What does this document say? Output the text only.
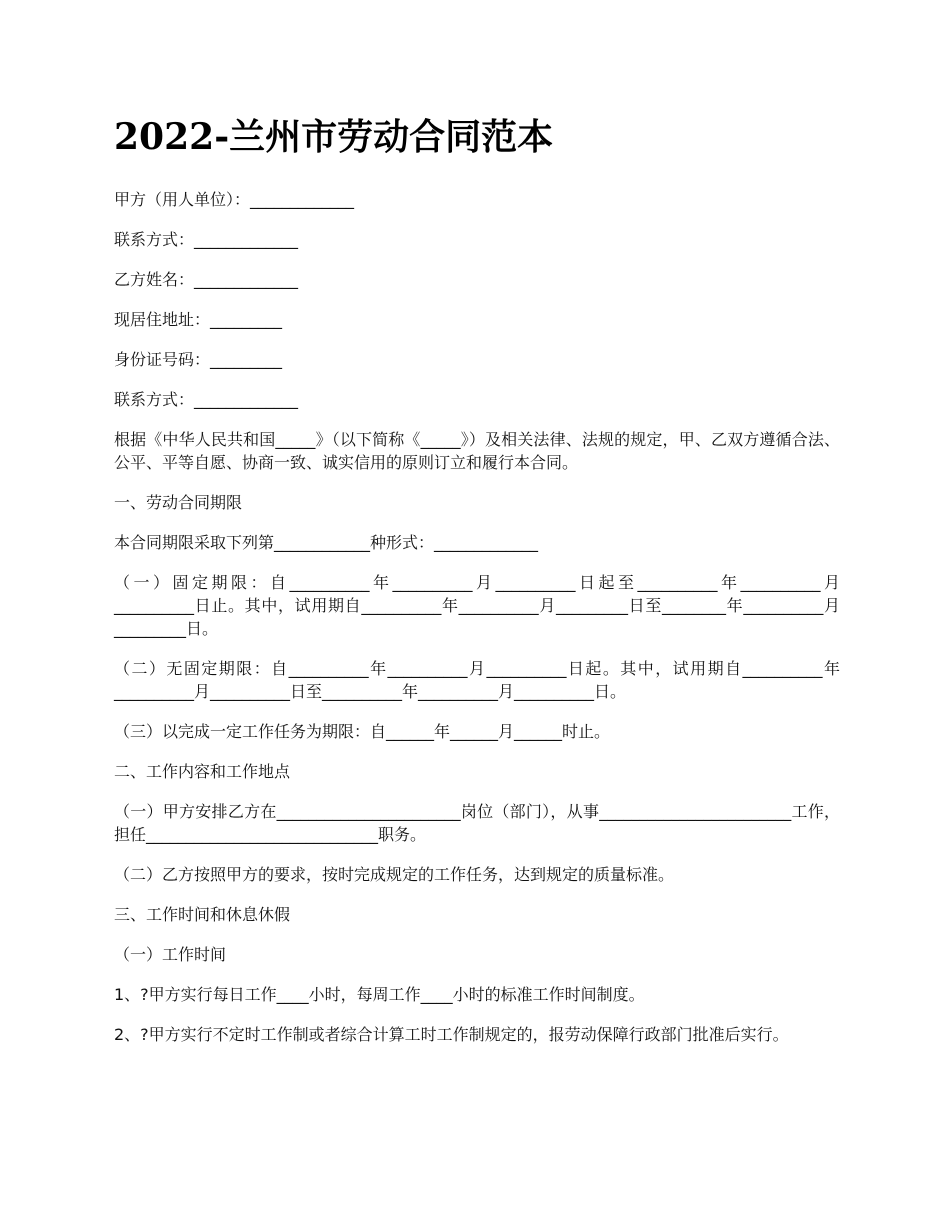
2022-兰州市劳动合同范本

甲方（用人单位）：_____________

联系方式：_____________

乙方姓名：_____________

现居住地址：_________

身份证号码：_________

联系方式：_____________

根据《中华人民共和国_____》（以下简称《_____》）及相关法律、法规的规定，甲、乙双方遵循合法、公平、平等自愿、协商一致、诚实信用的原则订立和履行本合同。

一、劳动合同期限

本合同期限采取下列第____________种形式：_____________

（一）固定期限：自__________年__________月__________日起至__________年__________月__________日止。其中，试用期自__________年__________月_________日至________年__________月_________日。

（二）无固定期限：自__________年__________月__________日起。其中，试用期自__________年__________月__________日至__________年__________月__________日。

（三）以完成一定工作任务为期限：自______年______月______时止。

二、工作内容和工作地点

（一）甲方安排乙方在_______________________岗位（部门），从事________________________工作，担任_____________________________职务。

（二）乙方按照甲方的要求，按时完成规定的工作任务，达到规定的质量标准。

三、工作时间和休息休假

（一）工作时间

1、?甲方实行每日工作____小时，每周工作____小时的标准工作时间制度。

2、?甲方实行不定时工作制或者综合计算工时工作制规定的，报劳动保障行政部门批准后实行。
